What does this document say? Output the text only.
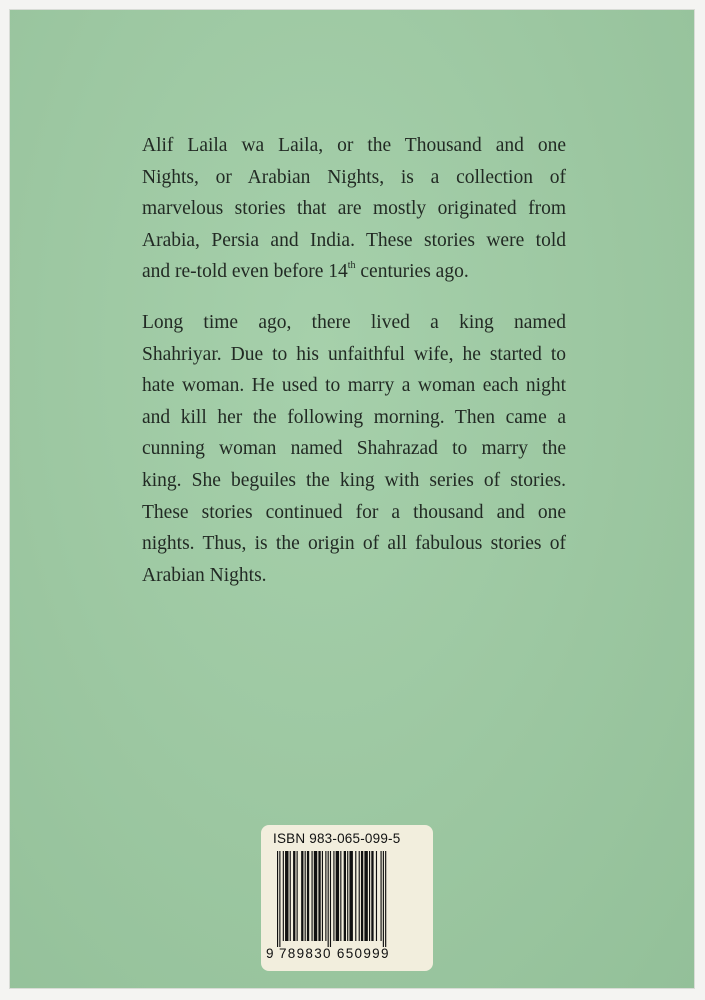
Alif Laila wa Laila, or the Thousand and one
Nights, or Arabian Nights, is a collection of
marvelous stories that are mostly originated from
Arabia, Persia and India. These stories were told
and re-told even before 14th centuries ago.

Long time ago, there lived a king named
Shahriyar. Due to his unfaithful wife, he started to
hate woman. He used to marry a woman each night
and kill her the following morning. Then came a
cunning woman named Shahrazad to marry the
king. She beguiles the king with series of stories.
These stories continued for a thousand and one
nights. Thus, is the origin of all fabulous stories of
Arabian Nights.

ISBN 983-065-099-5
9 789830 650999
